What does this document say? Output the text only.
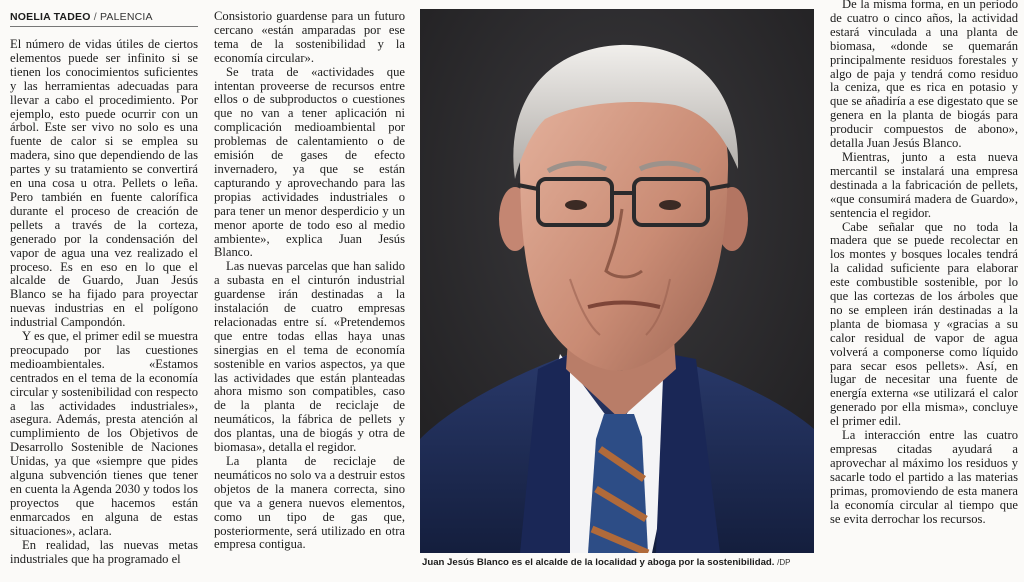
NOELIA TADEO / PALENCIA

El número de vidas útiles de ciertos elementos puede ser infinito si se tienen los conocimientos suficientes y las herramientas adecuadas para llevar a cabo el procedimiento. Por ejemplo, esto puede ocurrir con un árbol. Este ser vivo no solo es una fuente de calor si se emplea su madera, sino que dependiendo de las partes y su tratamiento se convertirá en una cosa u otra. Pellets o leña. Pero también en fuente calorífica durante el proceso de creación de pellets a través de la corteza, generado por la condensación del vapor de agua una vez realizado el proceso. Es en eso en lo que el alcalde de Guardo, Juan Jesús Blanco se ha fijado para proyectar nuevas industrias en el polígono industrial Campondón.

Y es que, el primer edil se muestra preocupado por las cuestiones medioambientales. «Estamos centrados en el tema de la economía circular y sostenibilidad con respecto a las actividades industriales», asegura. Además, presta atención al cumplimiento de los Objetivos de Desarrollo Sostenible de Naciones Unidas, ya que «siempre que pides alguna subvención tienes que tener en cuenta la Agenda 2030 y todos los proyectos que hacemos están enmarcados en alguna de estas situaciones», aclara.

En realidad, las nuevas metas industriales que ha programado el

Consistorio guardense para un futuro cercano «están amparadas por ese tema de la sostenibilidad y la economía circular».

Se trata de «actividades que intentan proveerse de recursos entre ellos o de subproductos o cuestiones que no van a tener aplicación ni complicación medioambiental por problemas de calentamiento o de emisión de gases de efecto invernadero, ya que se están capturando y aprovechando para las propias actividades industriales o para tener un menor desperdicio y un menor aporte de todo eso al medio ambiente», explica Juan Jesús Blanco.

Las nuevas parcelas que han salido a subasta en el cinturón industrial guardense irán destinadas a la instalación de cuatro empresas relacionadas entre sí. «Pretendemos que entre todas ellas haya unas sinergias en el tema de economía sostenible en varios aspectos, ya que las actividades que están planteadas ahora mismo son compatibles, caso de la planta de reciclaje de neumáticos, la fábrica de pellets y dos plantas, una de biogás y otra de biomasa», detalla el regidor.

La planta de reciclaje de neumáticos no solo va a destruir estos objetos de la manera correcta, sino que va a genera nuevos elementos, como un tipo de gas que, posteriormente, será utilizado en otra empresa contigua.

Juan Jesús Blanco es el alcalde de la localidad y aboga por la sostenibilidad. /DP

De la misma forma, en un período de cuatro o cinco años, la actividad estará vinculada a una planta de biomasa, «donde se quemarán principalmente residuos forestales y algo de paja y tendrá como residuo la ceniza, que es rica en potasio y que se añadiría a ese digestato que se genera en la planta de biogás para producir compuestos de abono», detalla Juan Jesús Blanco.

Mientras, junto a esta nueva mercantil se instalará una empresa destinada a la fabricación de pellets, «que consumirá madera de Guardo», sentencia el regidor.

Cabe señalar que no toda la madera que se puede recolectar en los montes y bosques locales tendrá la calidad suficiente para elaborar este combustible sostenible, por lo que las cortezas de los árboles que no se empleen irán destinadas a la planta de biomasa y «gracias a su calor residual de vapor de agua volverá a componerse como líquido para secar esos pellets». Así, en lugar de necesitar una fuente de energía externa «se utilizará el calor generado por ella misma», concluye el primer edil.

La interacción entre las cuatro empresas citadas ayudará a aprovechar al máximo los residuos y sacarle todo el partido a las materias primas, promoviendo de esta manera la economía circular al tiempo que se evita derrochar los recursos.
